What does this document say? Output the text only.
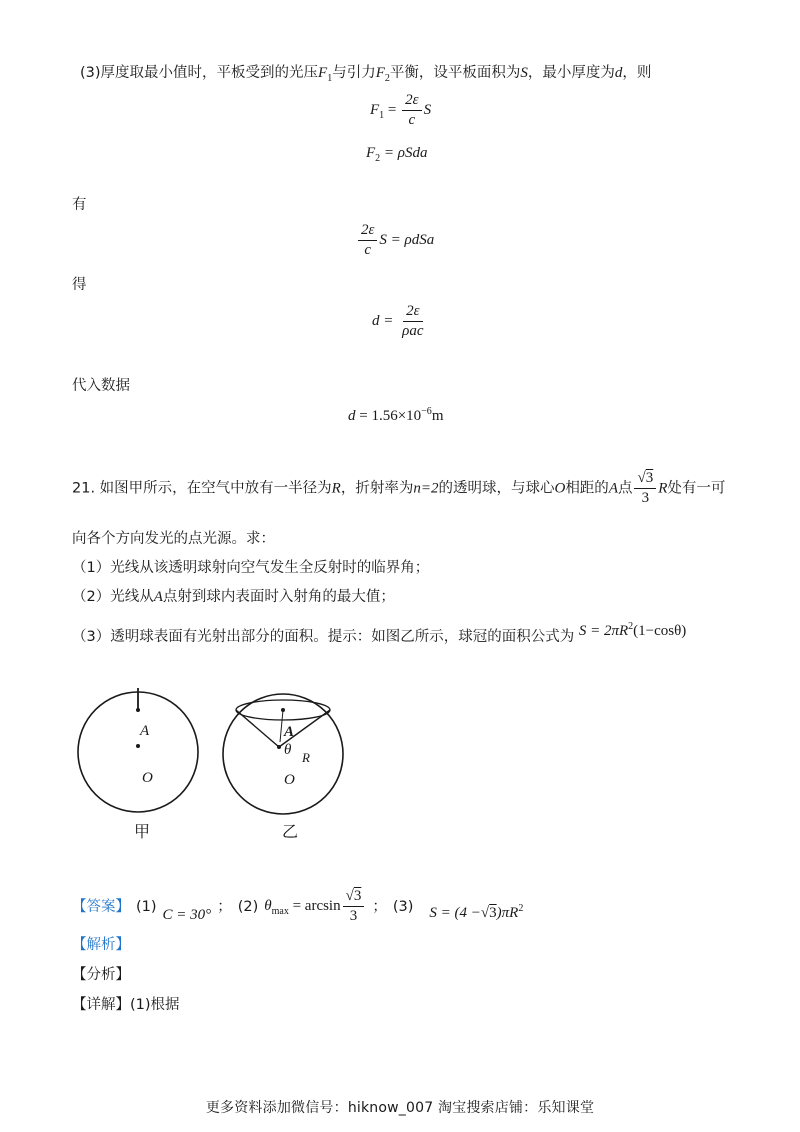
(3)厚度取最小值时，平板受到的光压$F_1$与引力$F_2$平衡，设平板面积为S，最小厚度为d，则
$F_1 = \frac{2\varepsilon}{c}$ S
$F_2 = \rho Sda$
有
$\frac{2\varepsilon}{c}$ S = ρdSa
得
$d = \frac{2\varepsilon}{\text{ρac}}$
代入数据
$d = 1.56\times 10^{-6}m$
21. 如图甲所示，在空气中放有一半径为R，折射率为n=2的透明球，与球心O相距的A点 $\frac{√3}{3}$ R处有一可
向各个方向发光的点光源。求：
（1）光线从该透明球射向空气发生全反射时的临界角；
（2）光线从A点射到球内表面时入射角的最大值；
（3）透明球表面有光射出部分的面积。提示：如图乙所示，球冠的面积公式为 $S = 2\pi R^2(1-\cos\theta)$
A
O
甲
A
θ R
O
乙
【答案】 (1) C = 30° ； (2) $\theta_{max} = \arcsin \frac{√3}{3}$ ； (3) $S = (4 -√3)\pi R^2$
【解析】
【分析】
【详解】(1)根据
更多资料添加微信号：hiknow_007 淘宝搜索店铺：乐知课堂
